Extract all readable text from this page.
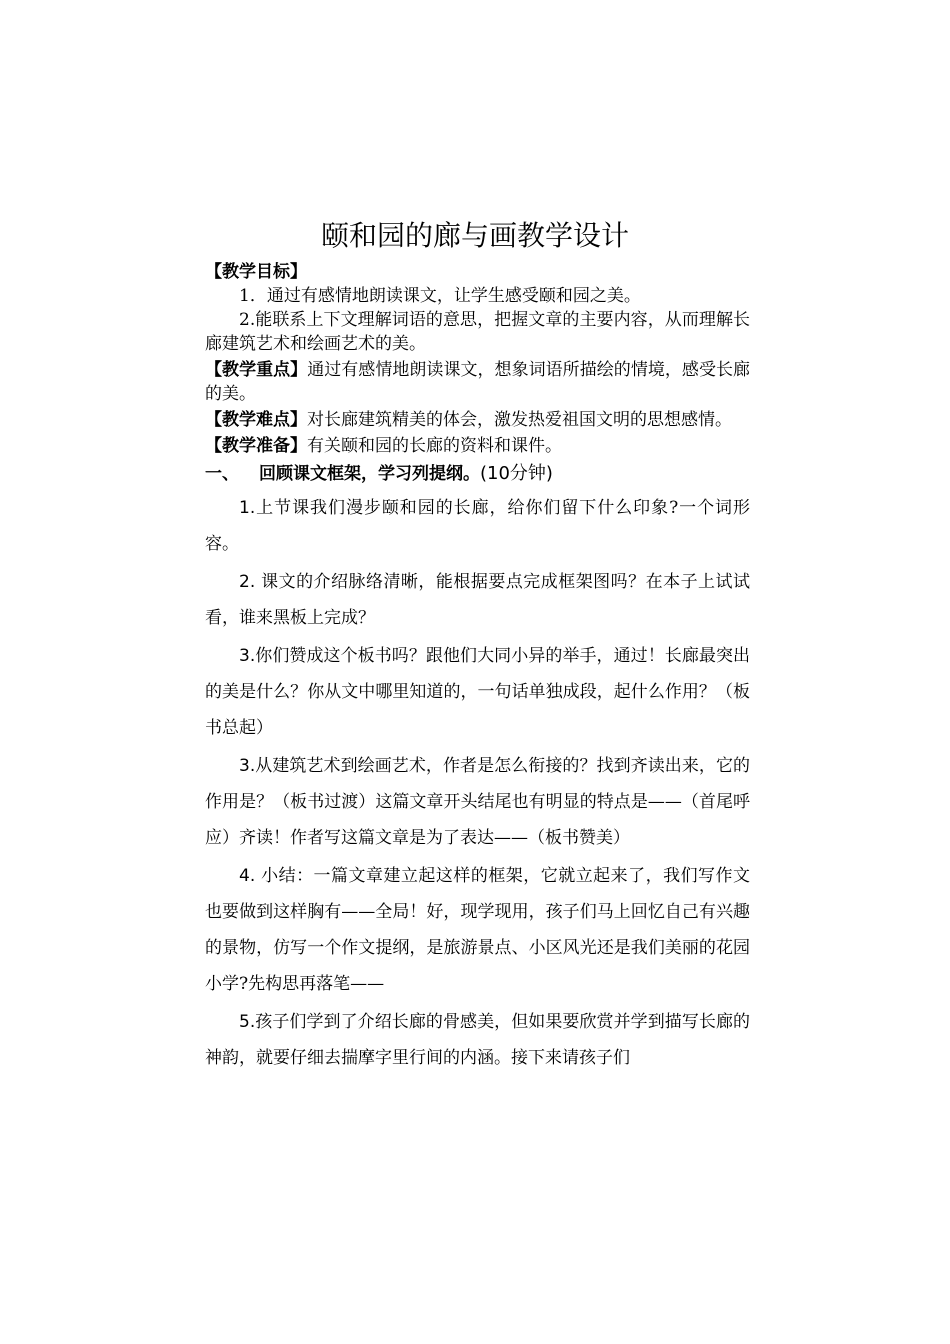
颐和园的廊与画教学设计

【教学目标】

1．通过有感情地朗读课文，让学生感受颐和园之美。

2.能联系上下文理解词语的意思，把握文章的主要内容，从而理解长廊建筑艺术和绘画艺术的美。

【教学重点】通过有感情地朗读课文，想象词语所描绘的情境，感受长廊的美。

【教学难点】对长廊建筑精美的体会，激发热爱祖国文明的思想感情。

【教学准备】有关颐和园的长廊的资料和课件。

一、 回顾课文框架，学习列提纲。(10分钟)

1.上节课我们漫步颐和园的长廊，给你们留下什么印象?一个词形容。

2. 课文的介绍脉络清晰，能根据要点完成框架图吗？在本子上试试看，谁来黑板上完成？

3.你们赞成这个板书吗？跟他们大同小异的举手，通过！长廊最突出的美是什么？你从文中哪里知道的，一句话单独成段，起什么作用？（板书总起）

3.从建筑艺术到绘画艺术，作者是怎么衔接的？找到齐读出来，它的作用是？（板书过渡）这篇文章开头结尾也有明显的特点是——（首尾呼应）齐读！作者写这篇文章是为了表达——（板书赞美）

4. 小结：一篇文章建立起这样的框架，它就立起来了，我们写作文也要做到这样胸有——全局！好，现学现用，孩子们马上回忆自己有兴趣的景物，仿写一个作文提纲，是旅游景点、小区风光还是我们美丽的花园小学?先构思再落笔——

5.孩子们学到了介绍长廊的骨感美，但如果要欣赏并学到描写长廊的神韵，就要仔细去揣摩字里行间的内涵。接下来请孩子们
